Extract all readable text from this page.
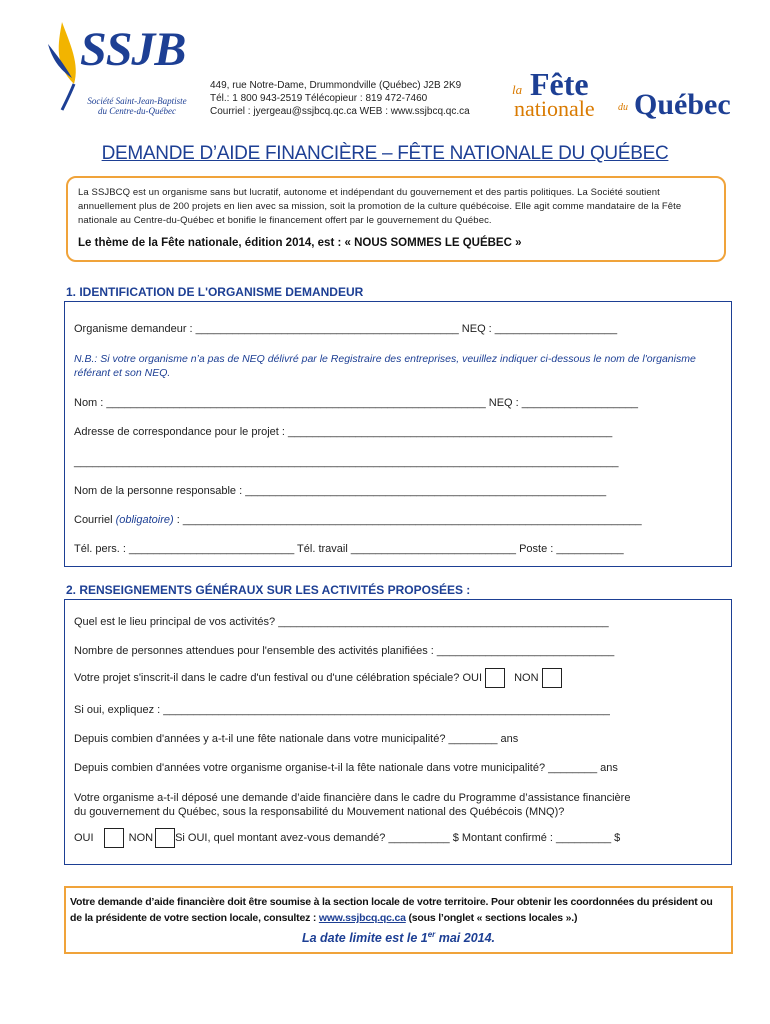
SSJB
Société Saint-Jean-Baptiste
du Centre-du-Québec
449, rue Notre-Dame, Drummondville (Québec) J2B 2K9
Tél.: 1 800 943-2519 Télécopieur : 819 472-7460
Courriel : jyergeau@ssjbcq.qc.ca WEB : www.ssjbcq.qc.ca
la Fête
nationale du Québec
DEMANDE D’AIDE FINANCIÈRE – FÊTE NATIONALE DU QUÉBEC
La SSJBCQ est un organisme sans but lucratif, autonome et indépendant du gouvernement et des partis politiques. La Société soutient annuellement plus de 200 projets en lien avec sa mission, soit la promotion de la culture québécoise. Elle agit comme mandataire de la Fête nationale au Centre-du-Québec et bonifie le financement offert par le gouvernement du Québec.
Le thème de la Fête nationale, édition 2014, est : « NOUS SOMMES LE QUÉBEC »
1. IDENTIFICATION DE L'ORGANISME DEMANDEUR
Organisme demandeur : ___________________________________________ NEQ : ____________________
N.B.: Si votre organisme n’a pas de NEQ délivré par le Registraire des entreprises, veuillez indiquer ci-dessous le nom de l'organisme référant et son NEQ.
Nom : ______________________________________________________________ NEQ : ___________________
Adresse de correspondance pour le projet : _____________________________________________________
_________________________________________________________________________________________
Nom de la personne responsable : ___________________________________________________________
Courriel (obligatoire) : ___________________________________________________________________________
Tél. pers. : ___________________________ Tél. travail ___________________________ Poste : ___________
2. RENSEIGNEMENTS GÉNÉRAUX SUR LES ACTIVITÉS PROPOSÉES :
Quel est le lieu principal de vos activités? ______________________________________________________
Nombre de personnes attendues pour l'ensemble des activités planifiées : _____________________________
Votre projet s'inscrit-il dans le cadre d'un festival ou d'une célébration spéciale? OUI	NON
Si oui, expliquez : _________________________________________________________________________
Depuis combien d'années y a-t-il une fête nationale dans votre municipalité? ________ ans
Depuis combien d'années votre organisme organise-t-il la fête nationale dans votre municipalité? ________ ans
Votre organisme a-t-il déposé une demande d’aide financière dans le cadre du Programme d’assistance financière
du gouvernement du Québec, sous la responsabilité du Mouvement national des Québécois (MNQ)?
OUI	NON Si OUI, quel montant avez-vous demandé? __________ $ Montant confirmé : _________ $
Votre demande d’aide financière doit être soumise à la section locale de votre territoire. Pour obtenir les coordonnées du président ou de la présidente de votre section locale, consultez : www.ssjbcq.qc.ca (sous l’onglet « sections locales ».)
La date limite est le 1er mai 2014.
